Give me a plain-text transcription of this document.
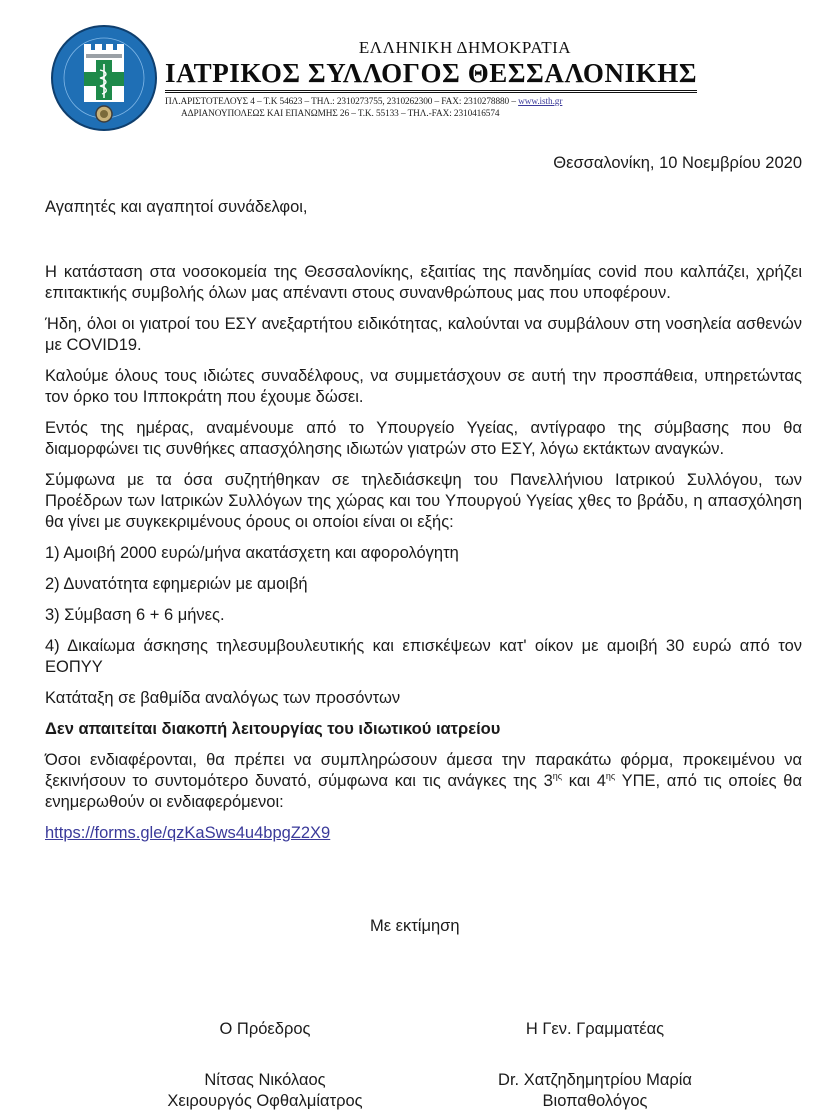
ΕΛΛΗΝΙΚΗ ΔΗΜΟΚΡΑΤΙΑ
ΙΑΤΡΙΚΟΣ ΣΥΛΛΟΓΟΣ ΘΕΣΣΑΛΟΝΙΚΗΣ
ΠΛ.ΑΡΙΣΤΟΤΕΛΟΥΣ 4 – Τ.Κ 54623 – ΤΗΛ.: 2310273755, 2310262300 – FAX: 2310278880 – www.isth.gr
ΑΔΡΙΑΝΟΥΠΟΛΕΩΣ ΚΑΙ ΕΠΑΝΩΜΗΣ 26 – Τ.Κ. 55133 – ΤΗΛ.-FAX: 2310416574
Θεσσαλονίκη, 10 Νοεμβρίου 2020
Αγαπητές και αγαπητοί συνάδελφοι,

Η κατάσταση στα νοσοκομεία της Θεσσαλονίκης, εξαιτίας της πανδημίας covid που καλπάζει, χρήζει επιτακτικής συμβολής όλων μας απέναντι στους συνανθρώπους μας που υποφέρουν.

Ήδη, όλοι οι γιατροί του ΕΣΥ ανεξαρτήτου ειδικότητας, καλούνται να συμβάλουν στη νοσηλεία ασθενών με COVID19.

Καλούμε όλους τους ιδιώτες συναδέλφους, να συμμετάσχουν σε αυτή την προσπάθεια, υπηρετώντας τον όρκο του Ιπποκράτη που έχουμε δώσει.

Εντός της ημέρας, αναμένουμε από το Υπουργείο Υγείας, αντίγραφο της σύμβασης που θα διαμορφώνει τις συνθήκες απασχόλησης ιδιωτών γιατρών στο ΕΣΥ, λόγω εκτάκτων αναγκών.

Σύμφωνα με τα όσα συζητήθηκαν σε τηλεδιάσκεψη του Πανελλήνιου Ιατρικού Συλλόγου, των Προέδρων των Ιατρικών Συλλόγων της χώρας και του Υπουργού Υγείας χθες το βράδυ, η απασχόληση θα γίνει με συγκεκριμένους όρους οι οποίοι είναι οι εξής:

1) Αμοιβή 2000 ευρώ/μήνα ακατάσχετη και αφορολόγητη

2) Δυνατότητα εφημεριών με αμοιβή

3) Σύμβαση 6 + 6 μήνες.

4) Δικαίωμα άσκησης τηλεσυμβουλευτικής και επισκέψεων κατ' οίκον με αμοιβή 30 ευρώ από τον ΕΟΠΥΥ

Κατάταξη σε βαθμίδα αναλόγως των προσόντων

Δεν απαιτείται διακοπή λειτουργίας του ιδιωτικού ιατρείου

Όσοι ενδιαφέρονται, θα πρέπει να συμπληρώσουν άμεσα την παρακάτω φόρμα, προκειμένου να ξεκινήσουν το συντομότερο δυνατό, σύμφωνα και τις ανάγκες της $3^{\eta\varsigma}$ και $4^{\eta\varsigma}$ ΥΠΕ, από τις οποίες θα ενημερωθούν οι ενδιαφερόμενοι:

https://forms.gle/qzKaSws4u4bpgZ2X9

Με εκτίμηση
Ο Πρόεδρος
Νίτσας Νικόλαος
Χειρουργός Οφθαλμίατρος
Η Γεν. Γραμματέας
Dr. Χατζηδημητρίου Μαρία
Βιοπαθολόγος
